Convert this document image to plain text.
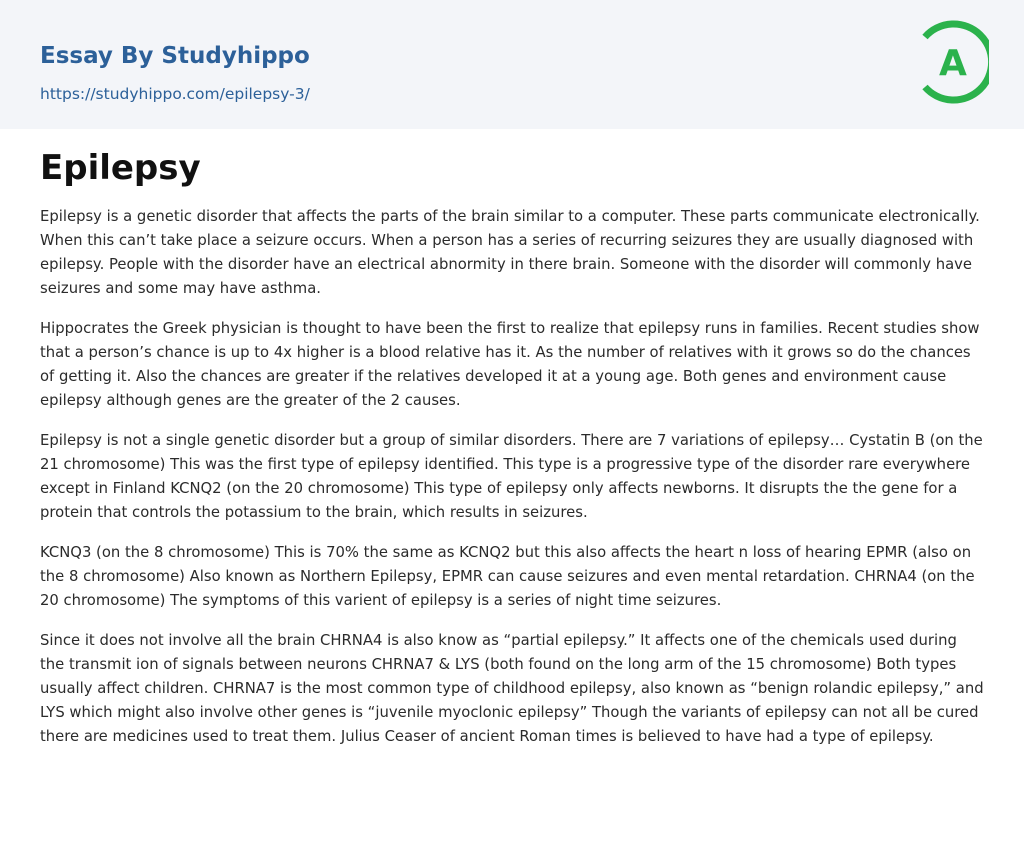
Essay By Studyhippo
https://studyhippo.com/epilepsy-3/
A
Epilepsy

Epilepsy is a genetic disorder that affects the parts of the brain similar to a computer. These parts communicate electronically. When this can’t take place a seizure occurs. When a person has a series of recurring seizures they are usually diagnosed with epilepsy. People with the disorder have an electrical abnormity in there brain. Someone with the disorder will commonly have seizures and some may have asthma.

Hippocrates the Greek physician is thought to have been the first to realize that epilepsy runs in families. Recent studies show that a person’s chance is up to 4x higher is a blood relative has it. As the number of relatives with it grows so do the chances of getting it. Also the chances are greater if the relatives developed it at a young age. Both genes and environment cause epilepsy although genes are the greater of the 2 causes.

Epilepsy is not a single genetic disorder but a group of similar disorders. There are 7 variations of epilepsy… Cystatin B (on the 21 chromosome) This was the first type of epilepsy identified. This type is a progressive type of the disorder rare everywhere except in Finland KCNQ2 (on the 20 chromosome) This type of epilepsy only affects newborns. It disrupts the the gene for a protein that controls the potassium to the brain, which results in seizures.

KCNQ3 (on the 8 chromosome) This is 70% the same as KCNQ2 but this also affects the heart n loss of hearing EPMR (also on the 8 chromosome) Also known as Northern Epilepsy, EPMR can cause seizures and even mental retardation. CHRNA4 (on the 20 chromosome) The symptoms of this varient of epilepsy is a series of night time seizures.

Since it does not involve all the brain CHRNA4 is also know as “partial epilepsy.” It affects one of the chemicals used during the transmit ion of signals between neurons CHRNA7 & LYS (both found on the long arm of the 15 chromosome) Both types usually affect children. CHRNA7 is the most common type of childhood epilepsy, also known as “benign rolandic epilepsy,” and LYS which might also involve other genes is “juvenile myoclonic epilepsy” Though the variants of epilepsy can not all be cured there are medicines used to treat them. Julius Ceaser of ancient Roman times is believed to have had a type of epilepsy.
